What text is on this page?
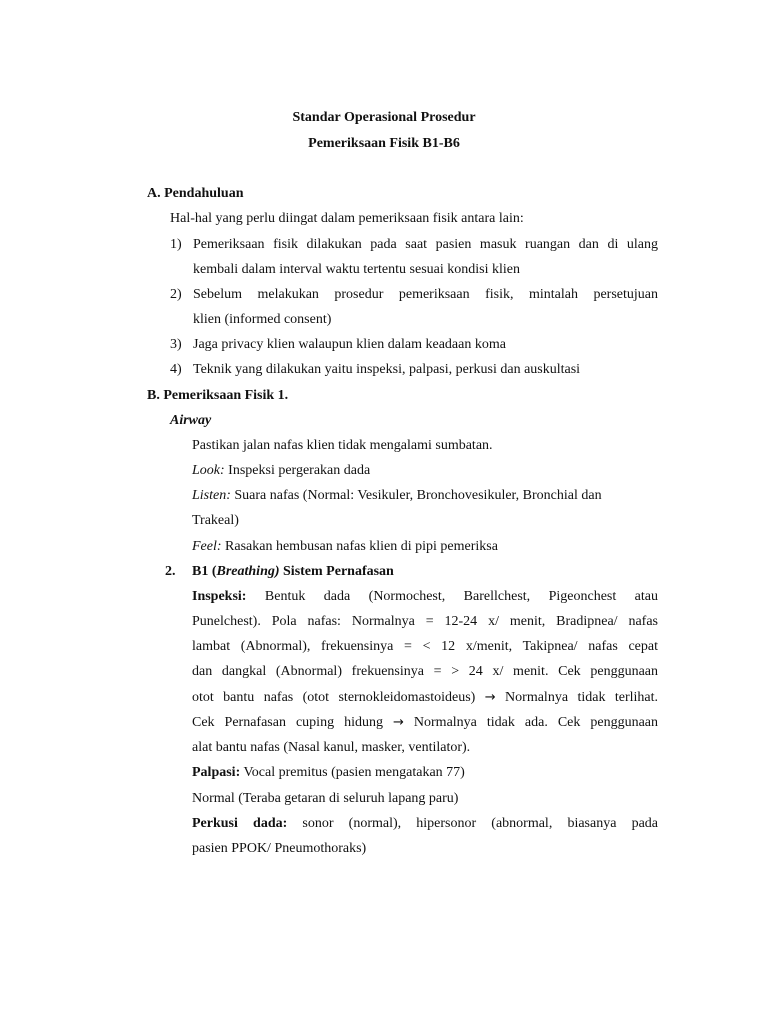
Standar Operasional Prosedur
Pemeriksaan Fisik B1-B6
A. Pendahuluan
Hal-hal yang perlu diingat dalam pemeriksaan fisik antara lain:
1) Pemeriksaan fisik dilakukan pada saat pasien masuk ruangan dan di ulang
kembali dalam interval waktu tertentu sesuai kondisi klien
2) Sebelum melakukan prosedur pemeriksaan fisik, mintalah persetujuan
klien (informed consent)
3) Jaga privacy klien walaupun klien dalam keadaan koma
4) Teknik yang dilakukan yaitu inspeksi, palpasi, perkusi dan auskultasi
B. Pemeriksaan Fisik 1.
Airway
Pastikan jalan nafas klien tidak mengalami sumbatan.
Look: Inspeksi pergerakan dada
Listen: Suara nafas (Normal: Vesikuler, Bronchovesikuler, Bronchial dan
Trakeal)
Feel: Rasakan hembusan nafas klien di pipi pemeriksa
2. B1 (Breathing) Sistem Pernafasan
Inspeksi: Bentuk dada (Normochest, Barellchest, Pigeonchest atau
Punelchest). Pola nafas: Normalnya = 12-24 x/ menit, Bradipnea/ nafas
lambat (Abnormal), frekuensinya = < 12 x/menit, Takipnea/ nafas cepat
dan dangkal (Abnormal) frekuensinya = > 24 x/ menit. Cek penggunaan
otot bantu nafas (otot sternokleidomastoideus) → Normalnya tidak terlihat.
Cek Pernafasan cuping hidung → Normalnya tidak ada. Cek penggunaan
alat bantu nafas (Nasal kanul, masker, ventilator).
Palpasi: Vocal premitus (pasien mengatakan 77)
Normal (Teraba getaran di seluruh lapang paru)
Perkusi dada: sonor (normal), hipersonor (abnormal, biasanya pada
pasien PPOK/ Pneumothoraks)
